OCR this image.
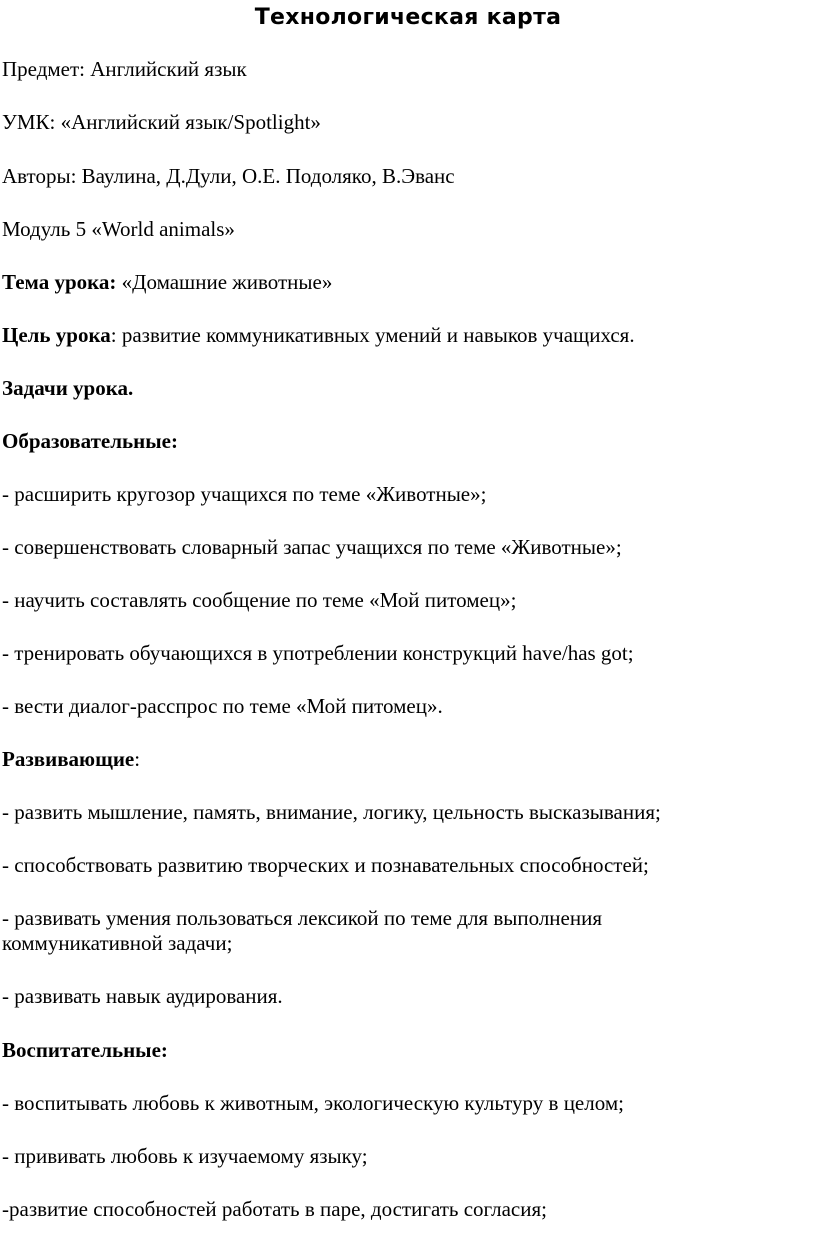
Технологическая карта
Предмет: Английский язык
УМК: «Английский язык/Spotlight»
Авторы: Ваулина, Д.Дули, О.Е. Подоляко, В.Эванс
Модуль 5 «World animals»
Тема урока: «Домашние животные»
Цель урока: развитие коммуникативных умений и навыков учащихся.
Задачи урока.
Образовательные:
- расширить кругозор учащихся по теме «Животные»;
- совершенствовать словарный запас учащихся по теме «Животные»;
- научить составлять сообщение по теме «Мой питомец»;
- тренировать обучающихся в употреблении конструкций have/has got;
- вести диалог-расспрос по теме «Мой питомец».
Развивающие:
- развить мышление, память, внимание, логику, цельность высказывания;
- способствовать развитию творческих и познавательных способностей;
- развивать умения пользоваться лексикой по теме для выполнения коммуникативной задачи;
- развивать навык аудирования.
Воспитательные:
- воспитывать любовь к животным, экологическую культуру в целом;
- прививать любовь к изучаемому языку;
-развитие способностей работать в паре, достигать согласия;
